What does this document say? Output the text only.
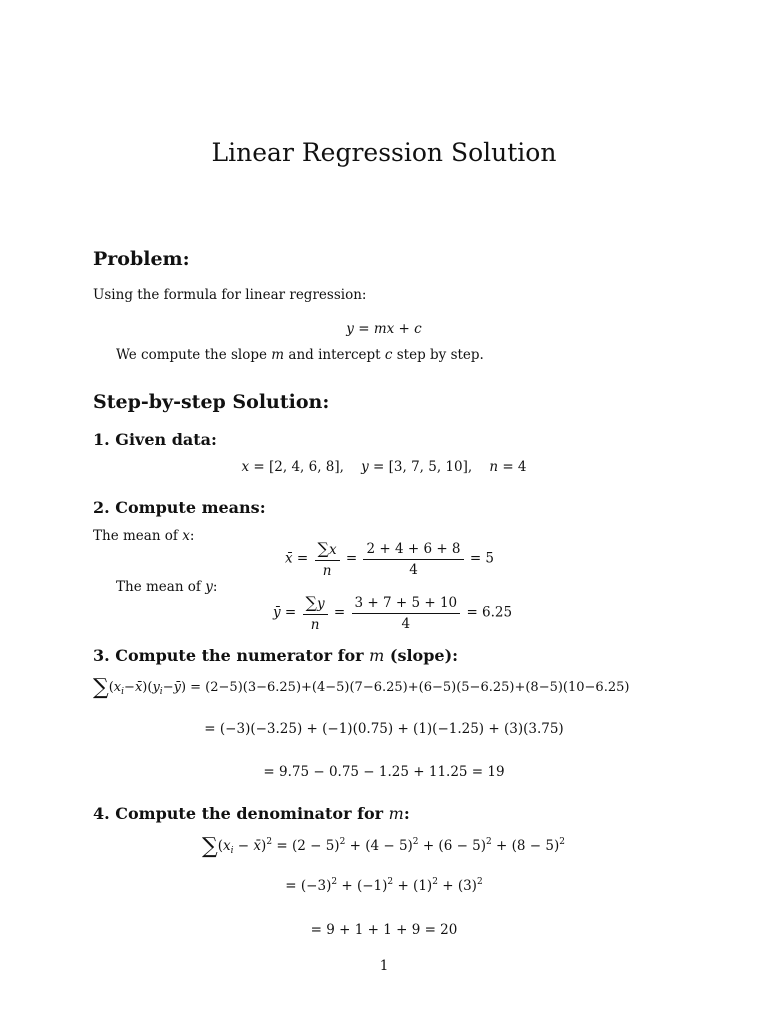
Linear Regression Solution
Problem:
Using the formula for linear regression:
y = mx + c
We compute the slope m and intercept c step by step.
Step-by-step Solution:
1. Given data:
x = [2, 4, 6, 8],    y = [3, 7, 5, 10],    n = 4
2. Compute means:
The mean of x:
x̄ = $\frac{\sum x}{n} = \frac{2 + 4 + 6 + 8}{4} = 5$
The mean of y:
ȳ = $\frac{\sum y}{n} = \frac{3 + 7 + 5 + 10}{4} = 6.25$
3. Compute the numerator for m (slope):
$\sum(x_i-x̄)(y_i-ȳ) = (2-5)(3-6.25)+(4-5)(7-6.25)+(6-5)(5-6.25)+(8-5)(10-6.25)$
= (−3)(−3.25) + (−1)(0.75) + (1)(−1.25) + (3)(3.75)
= 9.75 − 0.75 − 1.25 + 11.25 = 19
4. Compute the denominator for m:
$\sum(x_i$ − x̄)$^2$ = $(2 - 5)^2 + (4 - 5)^2 + (6 - 5)^2 + (8 - 5)^2$
= $(-3)^2 + (-1)^2 + (1)^2 + (3)^2$
= 9 + 1 + 1 + 9 = 20
1
